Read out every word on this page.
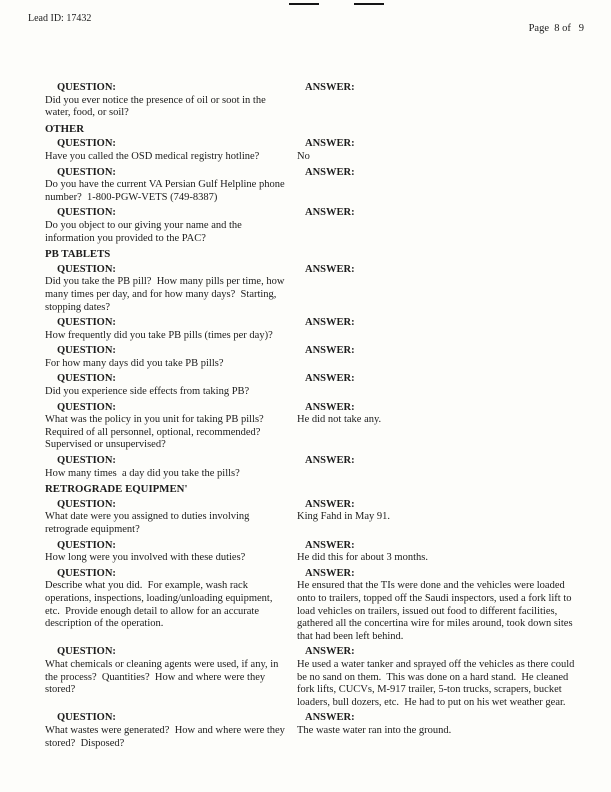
Lead ID: 17432
Page  8 of   9
QUESTION:
Did you ever notice the presence of oil or soot in the water, food, or soil?
ANSWER:
OTHER
QUESTION:
Have you called the OSD medical registry hotline?
ANSWER:
No
QUESTION:
Do you have the current VA Persian Gulf Helpline phone number?  1-800-PGW-VETS (749-8387)
ANSWER:
QUESTION:
Do you object to our giving your name and the information you provided to the PAC?
ANSWER:
PB TABLETS
QUESTION:
Did you take the PB pill?  How many pills per time, how many times per day, and for how many days?  Starting, stopping dates?
ANSWER:
QUESTION:
How frequently did you take PB pills (times per day)?
ANSWER:
QUESTION:
For how many days did you take PB pills?
ANSWER:
QUESTION:
Did you experience side effects from taking PB?
ANSWER:
QUESTION:
What was the policy in you unit for taking PB pills? Required of all personnel, optional, recommended? Supervised or unsupervised?
ANSWER:
He did not take any.
QUESTION:
How many times  a day did you take the pills?
ANSWER:
RETROGRADE EQUIPMEN'
QUESTION:
What date were you assigned to duties involving retrograde equipment?
ANSWER:
King Fahd in May 91.
QUESTION:
How long were you involved with these duties?
ANSWER:
He did this for about 3 months.
QUESTION:
Describe what you did.  For example, wash rack operations, inspections, loading/unloading equipment, etc.  Provide enough detail to allow for an accurate description of the operation.
ANSWER:
He ensured that the TIs were done and the vehicles were loaded onto to trailers, topped off the Saudi inspectors, used a fork lift to load vehicles on trailers, issued out food to different facilities, gathered all the concertina wire for miles around, took down sites that had been left behind.
QUESTION:
What chemicals or cleaning agents were used, if any, in the process?  Quantities?  How and where were they stored?
ANSWER:
He used a water tanker and sprayed off the vehicles as there could be no sand on them.  This was done on a hard stand.  He cleaned fork lifts, CUCVs, M-917 trailer, 5-ton trucks, scrapers, bucket loaders, bull dozers, etc.  He had to put on his wet weather gear.
QUESTION:
What wastes were generated?  How and where were they stored?  Disposed?
ANSWER:
The waste water ran into the ground.
